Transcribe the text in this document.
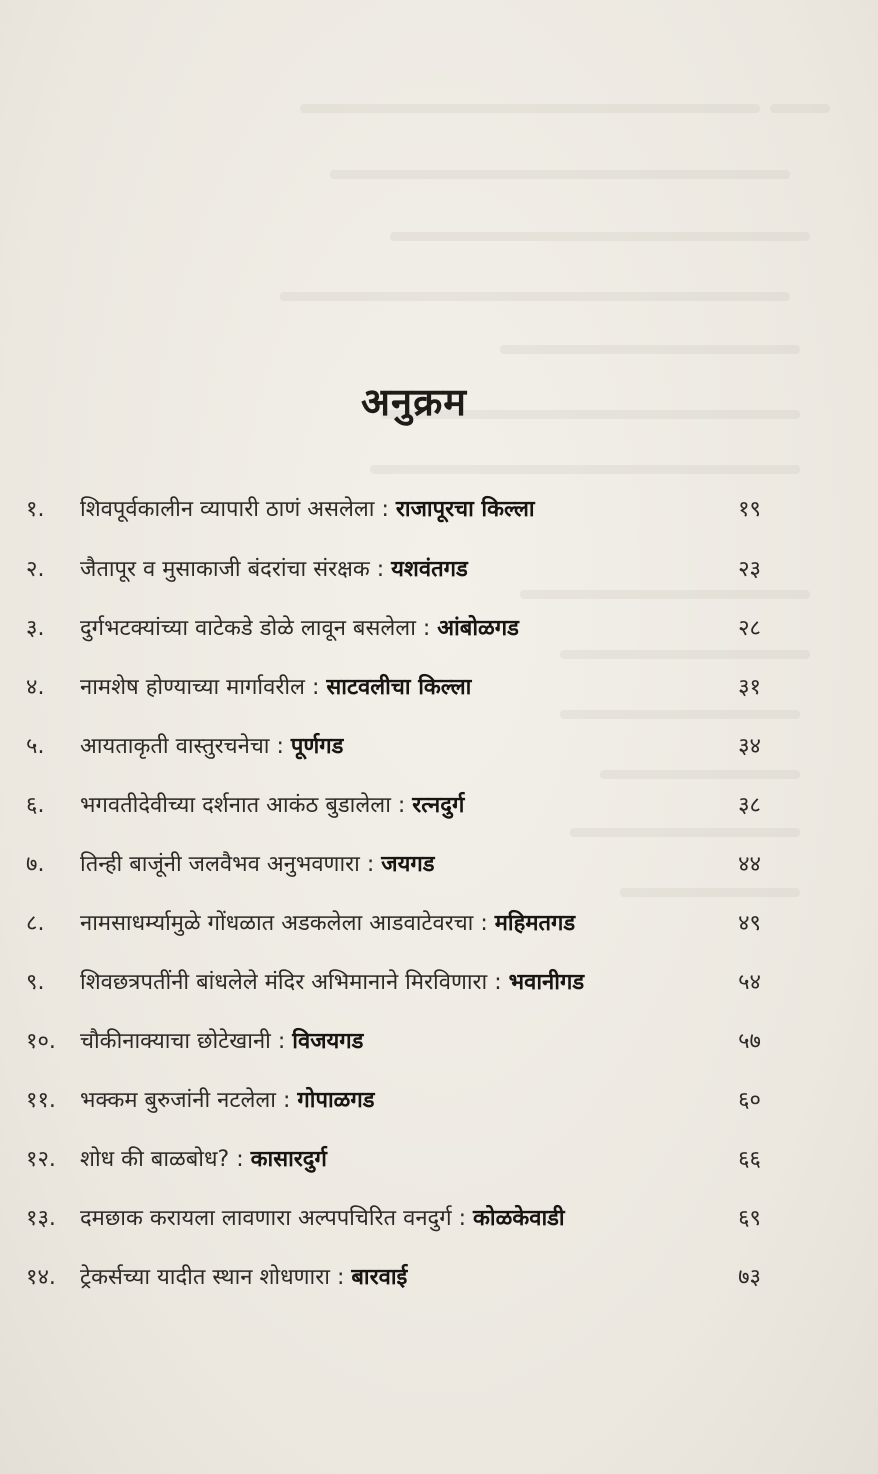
अनुक्रम
१.	शिवपूर्वकालीन व्यापारी ठाणं असलेला : राजापूरचा किल्ला	१९
२.	जैतापूर व मुसाकाजी बंदरांचा संरक्षक : यशवंतगड	२३
३.	दुर्गभटक्यांच्या वाटेकडे डोळे लावून बसलेला : आंबोळगड	२८
४.	नामशेष होण्याच्या मार्गावरील : साटवलीचा किल्ला	३१
५.	आयताकृती वास्तुरचनेचा : पूर्णगड	३४
६.	भगवतीदेवीच्या दर्शनात आकंठ बुडालेला : रत्नदुर्ग	३८
७.	तिन्ही बाजूंनी जलवैभव अनुभवणारा : जयगड	४४
८.	नामसाधर्म्यामुळे गोंधळात अडकलेला आडवाटेवरचा : महिमतगड	४९
९.	शिवछत्रपतींनी बांधलेले मंदिर अभिमानाने मिरविणारा : भवानीगड	५४
१०.	चौकीनाक्याचा छोटेखानी : विजयगड	५७
११.	भक्कम बुरुजांनी नटलेला : गोपाळगड	६०
१२.	शोध की बाळबोध? : कासारदुर्ग	६६
१३.	दमछाक करायला लावणारा अल्पपचिरित वनदुर्ग : कोळकेवाडी	६९
१४.	ट्रेकर्सच्या यादीत स्थान शोधणारा : बारवाई	७३
